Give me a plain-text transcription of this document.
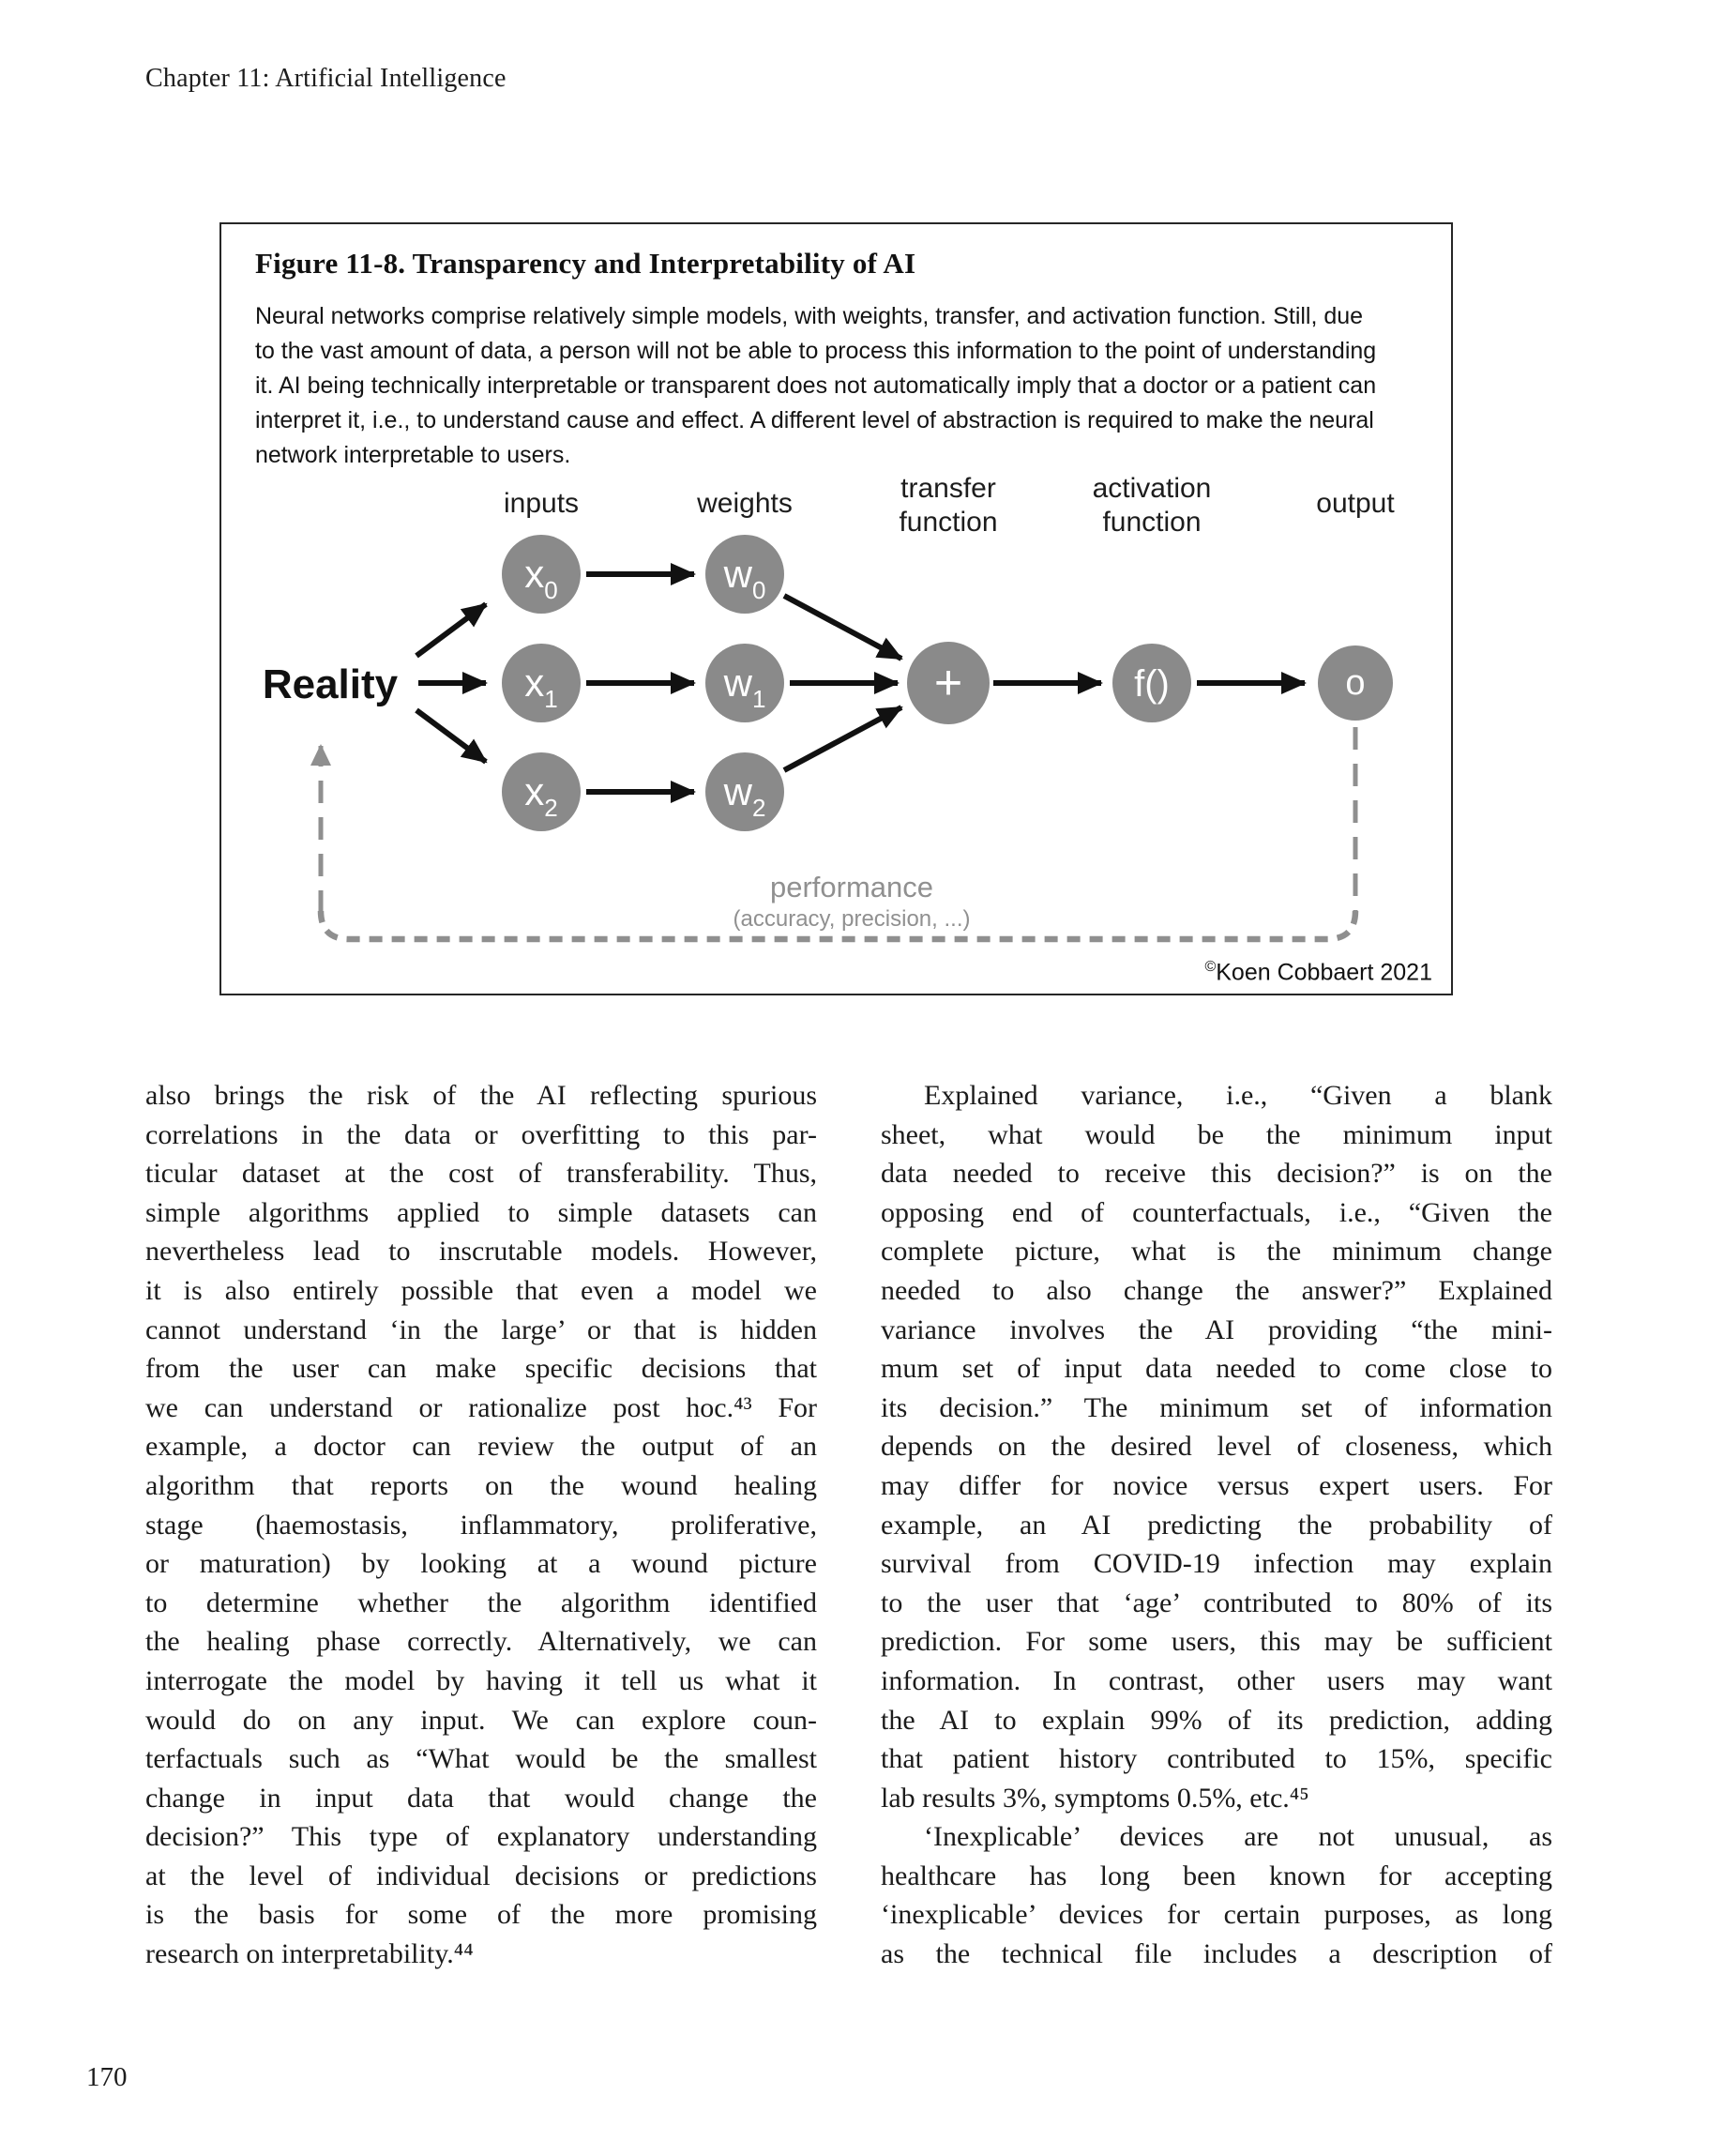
Chapter 11: Artificial Intelligence
Figure 11-8. Transparency and Interpretability of AI
Neural networks comprise relatively simple models, with weights, transfer, and activation function. Still, due
to the vast amount of data, a person will not be able to process this information to the point of understanding
it. AI being technically interpretable or transparent does not automatically imply that a doctor or a patient can
interpret it, i.e., to understand cause and effect. A different level of abstraction is required to make the neural
network interpretable to users.
inputs	weights	transfer
function
activation
function
output
Reality
performance
(accuracy, precision, ...)
$x_0$	$w_0$
$x_1$	$w_1$
$x_2$	$w_2$
+	f()	o
©Koen Cobbaert 2021
also brings the risk of the AI reflecting spurious
correlations in the data or overfitting to this par-
ticular dataset at the cost of transferability. Thus,
simple algorithms applied to simple datasets can
nevertheless lead to inscrutable models. However,
it is also entirely possible that even a model we
cannot understand ‘in the large’ or that is hidden
from the user can make specific decisions that
we can understand or rationalize post hoc.⁴³ For
example, a doctor can review the output of an
algorithm that reports on the wound healing
stage (haemostasis, inflammatory, proliferative,
or maturation) by looking at a wound picture
to determine whether the algorithm identified
the healing phase correctly. Alternatively, we can
interrogate the model by having it tell us what it
would do on any input. We can explore coun-
terfactuals such as “What would be the smallest
change in input data that would change the
decision?” This type of explanatory understanding
at the level of individual decisions or predictions
is the basis for some of the more promising
research on interpretability.⁴⁴
Explained variance, i.e., “Given a blank
sheet, what would be the minimum input
data needed to receive this decision?” is on the
opposing end of counterfactuals, i.e., “Given the
complete picture, what is the minimum change
needed to also change the answer?” Explained
variance involves the AI providing “the mini-
mum set of input data needed to come close to
its decision.” The minimum set of information
depends on the desired level of closeness, which
may differ for novice versus expert users. For
example, an AI predicting the probability of
survival from COVID-19 infection may explain
to the user that ‘age’ contributed to 80% of its
prediction. For some users, this may be sufficient
information. In contrast, other users may want
the AI to explain 99% of its prediction, adding
that patient history contributed to 15%, specific
lab results 3%, symptoms 0.5%, etc.⁴⁵
‘Inexplicable’ devices are not unusual, as
healthcare has long been known for accepting
‘inexplicable’ devices for certain purposes, as long
as the technical file includes a description of
170
